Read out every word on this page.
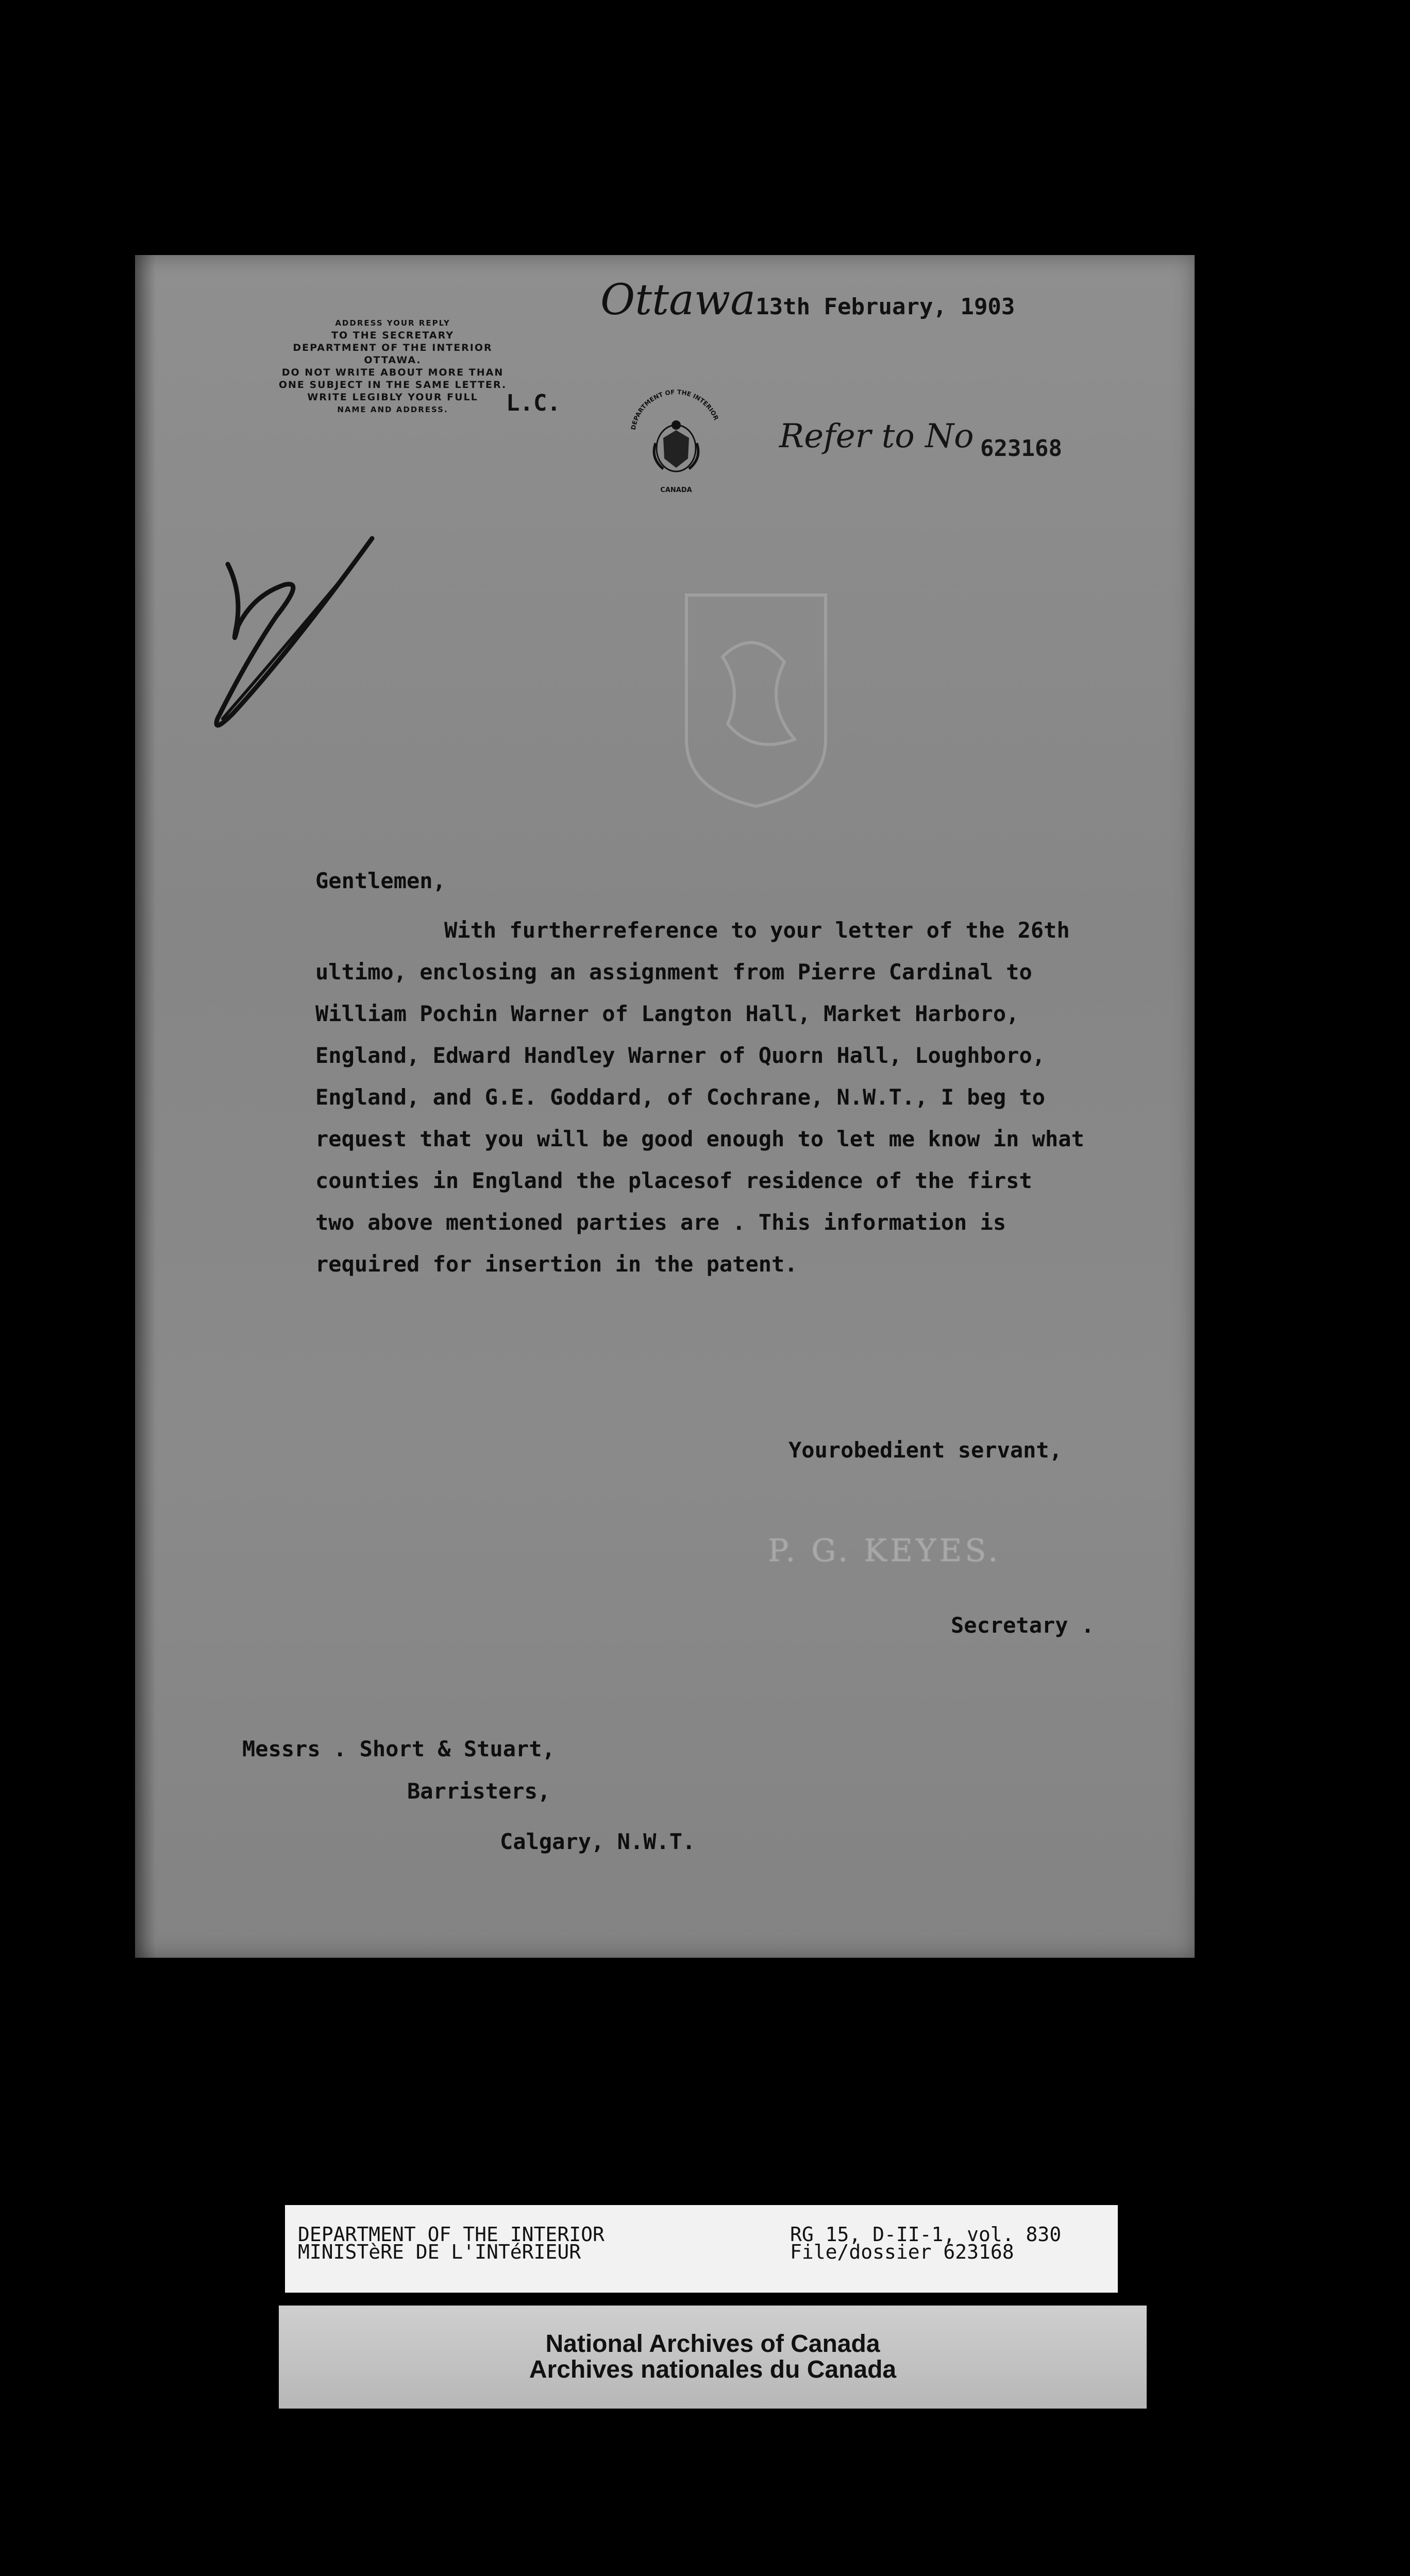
ADDRESS YOUR REPLY
TO THE SECRETARY
DEPARTMENT OF THE INTERIOR
OTTAWA.
DO NOT WRITE ABOUT MORE THAN
ONE SUBJECT IN THE SAME LETTER.
WRITE LEGIBLY YOUR FULL
NAME AND ADDRESS.	L.C.
DEPARTMENT OF THE INTERIOR
CANADA
Refer to No 623168
Ottawa13th February, 1903
Gentlemen,
With furtherreference to your letter of the 26th
ultimo, enclosing an assignment from Pierre Cardinal to
William Pochin Warner of Langton Hall, Market Harboro,
England, Edward Handley Warner of Quorn Hall, Loughboro,
England, and G.E. Goddard, of Cochrane, N.W.T., I beg to
request that you will be good enough to let me know in what
counties in England the placesof residence of the first
two above mentioned parties are . This information is
required for insertion in the patent.
Yourobedient servant,
P. G. KEYES.
Secretary .
Messrs . Short & Stuart,
Barristers,
Calgary, N.W.T.
DEPARTMENT OF THE INTERIOR
MINISTèRE DE L'INTéRIEUR
RG 15, D-II-1, vol. 830
File/dossier 623168
National Archives of Canada
Archives nationales du Canada
